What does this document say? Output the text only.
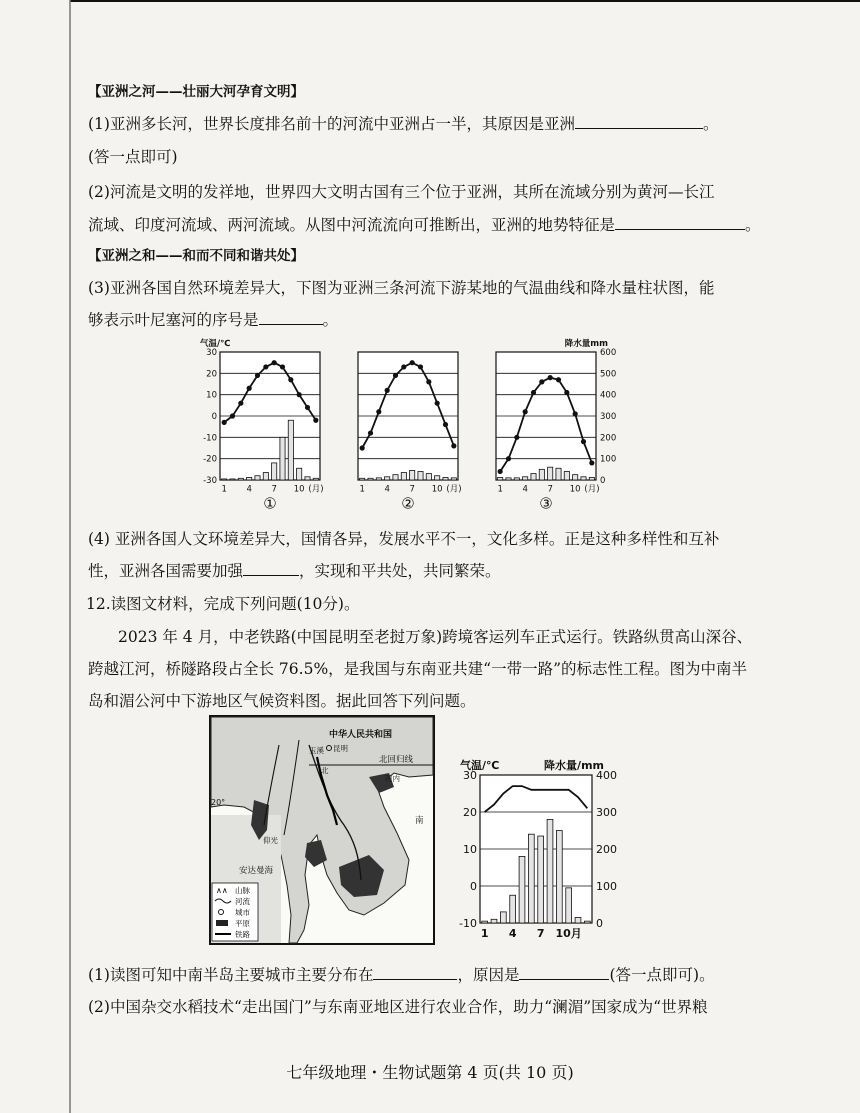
【亚洲之河——壮丽大河孕育文明】
(1)亚洲多长河，世界长度排名前十的河流中亚洲占一半，其原因是亚洲	。
(答一点即可)
(2)河流是文明的发祥地，世界四大文明古国有三个位于亚洲，其所在流域分别为黄河—长江
流域、印度河流域、两河流域。从图中河流流向可推断出，亚洲的地势特征是	。
【亚洲之和——和而不同和谐共处】
(3)亚洲各国自然环境差异大，下图为亚洲三条河流下游某地的气温曲线和降水量柱状图，能
够表示叶尼塞河的序号是	。
30
20
10
0
-10
-20
-30
气温/℃
1 4 7 10 (月)
①
1 4 7 10 (月)
②
600
500
400
300
200
100
0
降水量mm
1 4 7 10 (月)
③
(4) 亚洲各国人文环境差异大，国情各异，发展水平不一，文化多样。正是这种多样性和互补
性，亚洲各国需要加强	，实现和平共处，共同繁荣。
12.读图文材料，完成下列问题(10分)。
2023 年 4 月，中老铁路(中国昆明至老挝万象)跨境客运列车正式运行。铁路纵贯高山深谷、
跨越江河，桥隧路段占全长 76.5%，是我国与东南亚共建“一带一路”的标志性工程。图为中南半
岛和湄公河中下游地区气候资料图。据此回答下列问题。
北回归线
中华人民共和国
20°
玉溪 昆明
河内
仰光
南
北
安达曼海
∧∧ 山脉
河流
城市
平原
铁路
30
20
10
0
-10
400
300
200
100
0
气温/℃	降水量/mm
1 4 7 10月
(1)读图可知中南半岛主要城市主要分布在	，原因是	(答一点即可)。
(2)中国杂交水稻技术“走出国门”与东南亚地区进行农业合作，助力“澜湄”国家成为“世界粮
七年级地理・生物试题第 4 页(共 10 页)
